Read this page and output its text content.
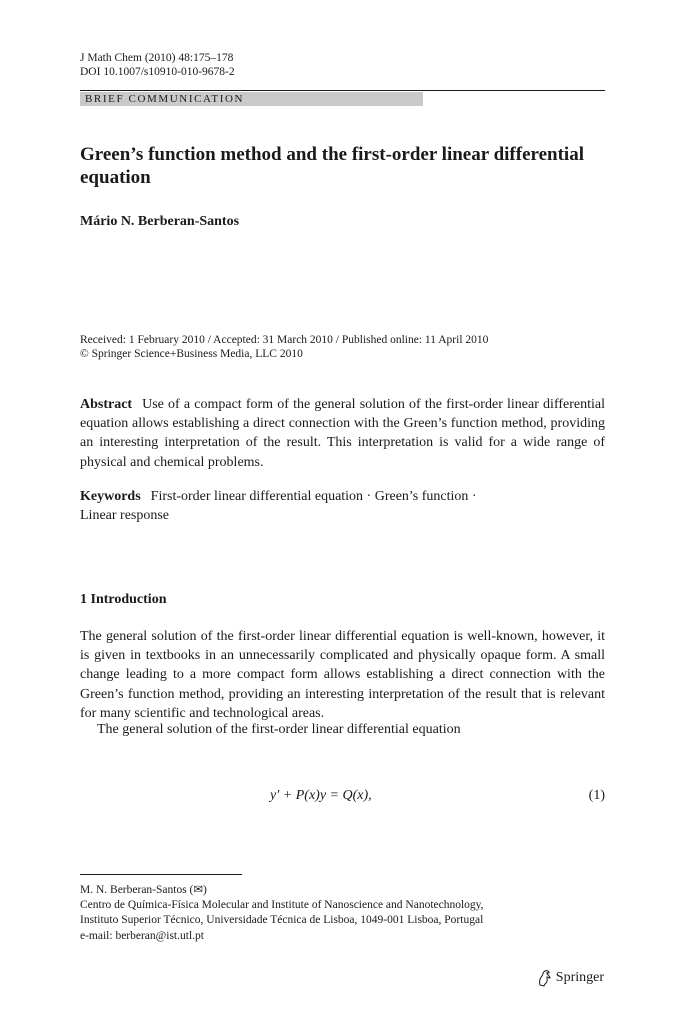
J Math Chem (2010) 48:175–178
DOI 10.1007/s10910-010-9678-2
BRIEF COMMUNICATION
Green’s function method and the first-order linear differential equation
Mário N. Berberan-Santos
Received: 1 February 2010 / Accepted: 31 March 2010 / Published online: 11 April 2010
© Springer Science+Business Media, LLC 2010

Abstract Use of a compact form of the general solution of the first-order linear differential equation allows establishing a direct connection with the Green’s function method, providing an interesting interpretation of the result. This interpretation is valid for a wide range of physical and chemical problems.

Keywords First-order linear differential equation · Green’s function ·
Linear response

1 Introduction

The general solution of the first-order linear differential equation is well-known, however, it is given in textbooks in an unnecessarily complicated and physically opaque form. A small change leading to a more compact form allows establishing a direct connection with the Green’s function method, providing an interesting interpretation of the result that is relevant for many scientific and technological areas.

The general solution of the first-order linear differential equation
y′ + P(x)y = Q(x),	(1)
M. N. Berberan-Santos (✉)
Centro de Química-Física Molecular and Institute of Nanoscience and Nanotechnology,
Instituto Superior Técnico, Universidade Técnica de Lisboa, 1049-001 Lisboa, Portugal
e-mail: berberan@ist.utl.pt
Springer
